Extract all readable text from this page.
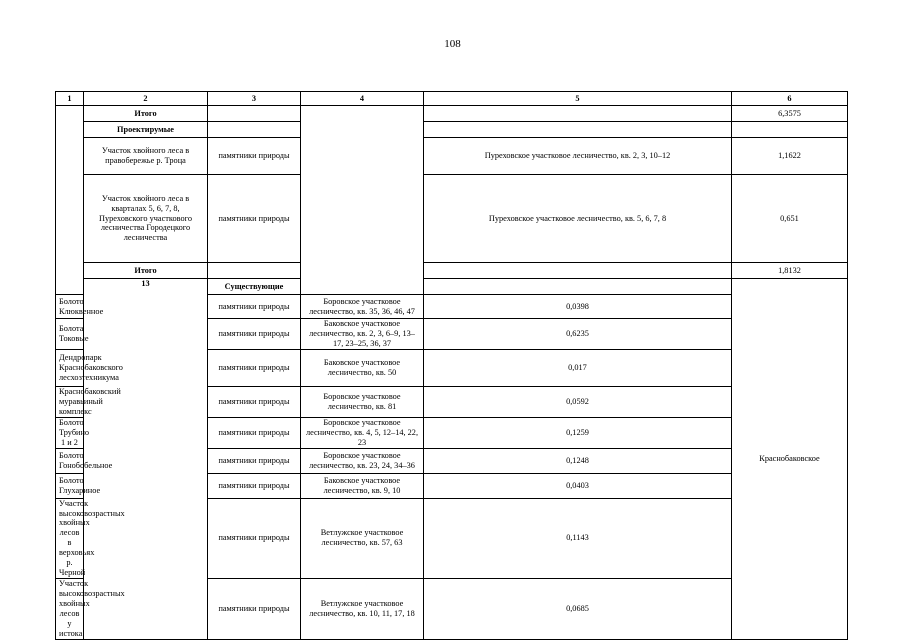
108
1	2	3	4	5	6	
	Итого				6,3575	
	Проектирумые					
	Участок хвойного леса в правобережье р. Троца	памятники природы		Пуреховское участковое лесничество, кв. 2, 3, 10–12	1,1622	
	Участок хвойного леса в кварталах 5, 6, 7, 8, Пуреховского участкового лесничества Городецкого лесничества	памятники природы		Пуреховское участковое лесничество, кв. 5, 6, 7, 8	0,651	
	Итого				1,8132	
	13	Существующие			Краснобаковское		
Болото Клюквенное		памятники природы	Боровское участковое лесничество, кв. 35, 36, 46, 47	0,0398		
Болота Токовые		памятники природы	Баковское участковое лесничество, кв. 2, 3, 6–9, 13–17, 23–25, 36, 37	0,6235		
Дендропарк Краснобаковского лесхозтехникума		памятники природы	Баковское участковое лесничество, кв. 50	0,017		
Краснобаковский муравьиный комплекс		памятники природы	Боровское участковое лесничество, кв. 81	0,0592		
Болото Трубино 1 и 2		памятники природы	Боровское участковое лесничество, кв. 4, 5, 12–14, 22, 23	0,1259		
Болото Гонобобельное		памятники природы	Боровское участковое лесничество, кв. 23, 24, 34–36	0,1248		
Болото Глухариное		памятники природы	Баковское участковое лесничество, кв. 9, 10	0,0403		
Участок высоковозрастных хвойных лесов в верховьях р. Черной		памятники природы	Ветлужское участковое лесничество, кв. 57, 63	0,1143		
Участок высоковозрастных хвойных лесов у истока		памятники природы	Ветлужское участковое лесничество, кв. 10, 11, 17, 18	0,0685		
